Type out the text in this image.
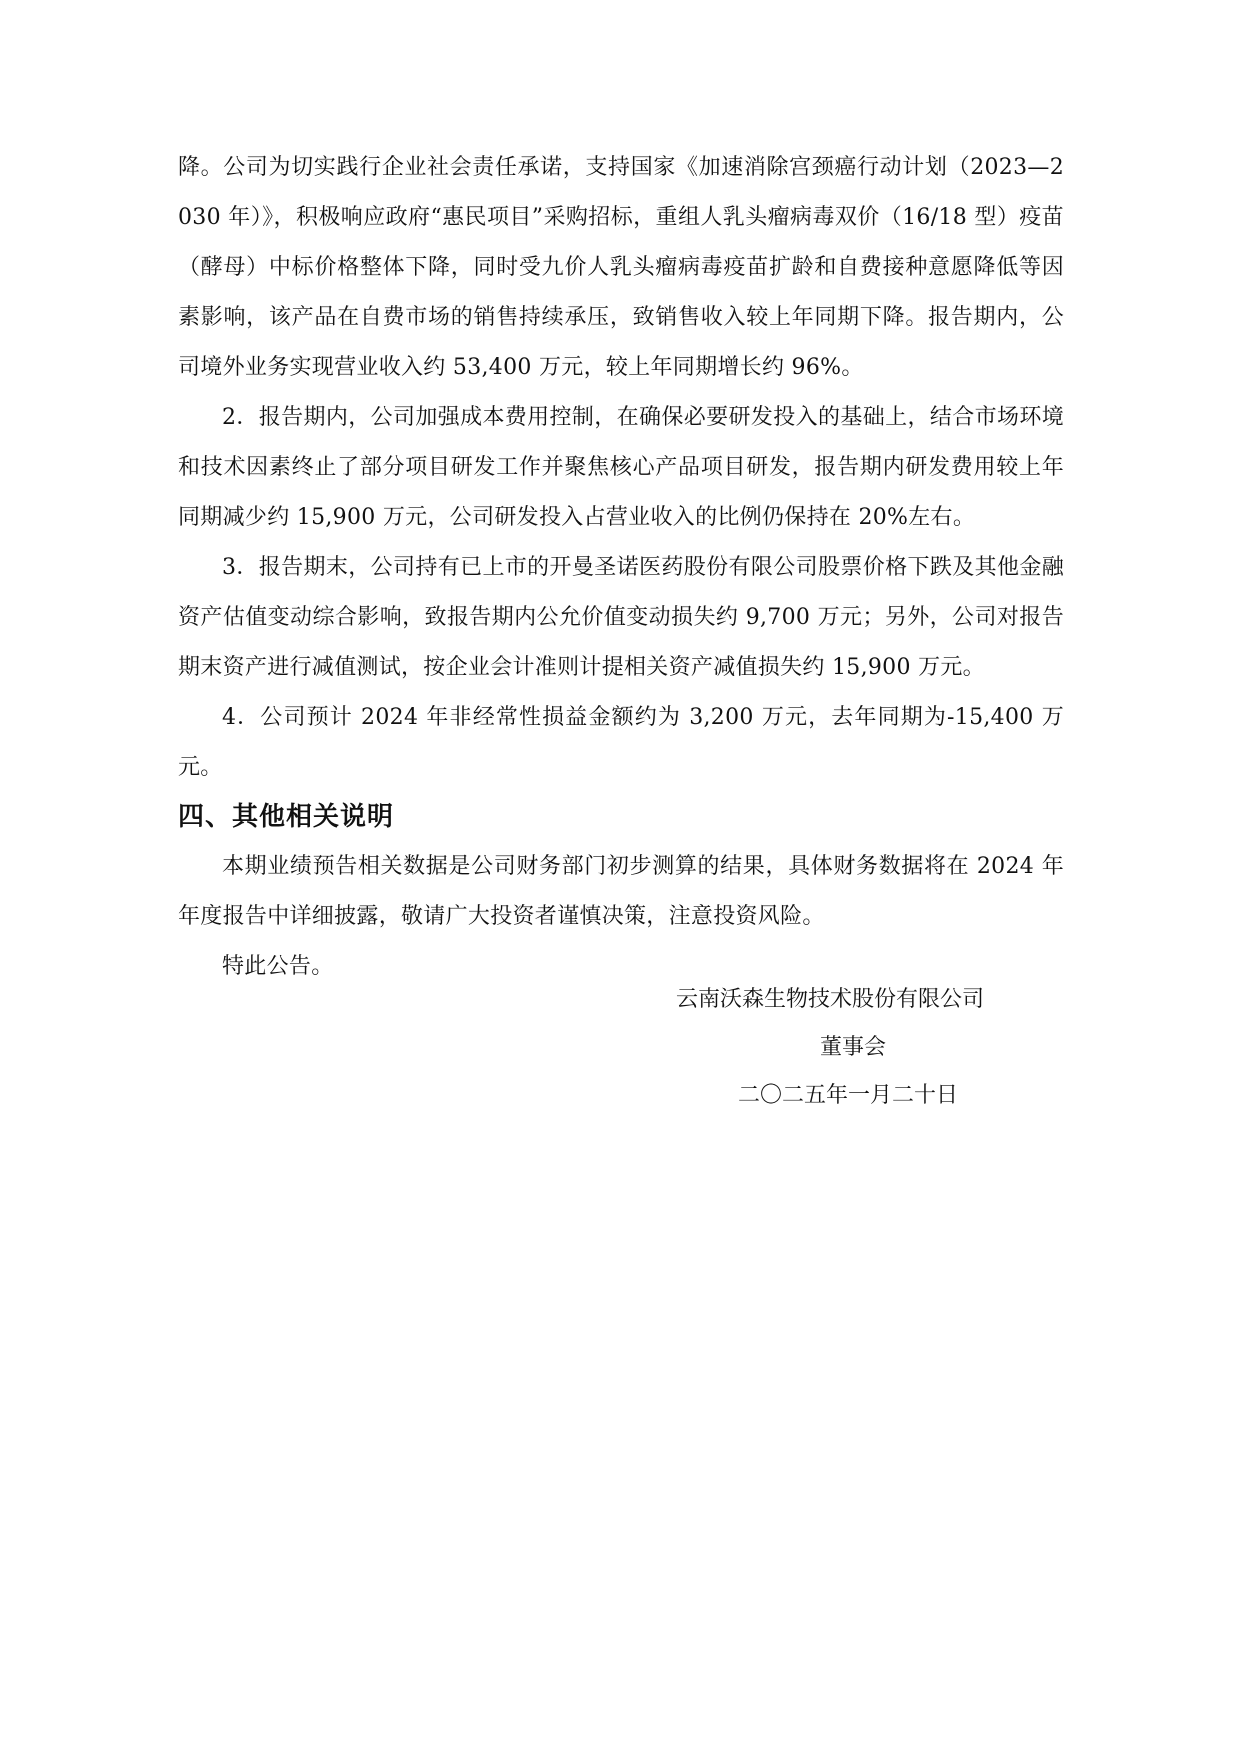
降。公司为切实践行企业社会责任承诺，支持国家《加速消除宫颈癌行动计划（2023—2030 年）》，积极响应政府“惠民项目”采购招标，重组人乳头瘤病毒双价（16/18 型）疫苗（酵母）中标价格整体下降，同时受九价人乳头瘤病毒疫苗扩龄和自费接种意愿降低等因素影响，该产品在自费市场的销售持续承压，致销售收入较上年同期下降。报告期内，公司境外业务实现营业收入约 53,400 万元，较上年同期增长约 96%。

2．报告期内，公司加强成本费用控制，在确保必要研发投入的基础上，结合市场环境和技术因素终止了部分项目研发工作并聚焦核心产品项目研发，报告期内研发费用较上年同期减少约 15,900 万元，公司研发投入占营业收入的比例仍保持在 20%左右。

3．报告期末，公司持有已上市的开曼圣诺医药股份有限公司股票价格下跌及其他金融资产估值变动综合影响，致报告期内公允价值变动损失约 9,700 万元；另外，公司对报告期末资产进行减值测试，按企业会计准则计提相关资产减值损失约 15,900 万元。

4．公司预计 2024 年非经常性损益金额约为 3,200 万元，去年同期为-15,400 万元。

四、其他相关说明

本期业绩预告相关数据是公司财务部门初步测算的结果，具体财务数据将在 2024 年年度报告中详细披露，敬请广大投资者谨慎决策，注意投资风险。

特此公告。

云南沃森生物技术股份有限公司
董事会
二〇二五年一月二十日
